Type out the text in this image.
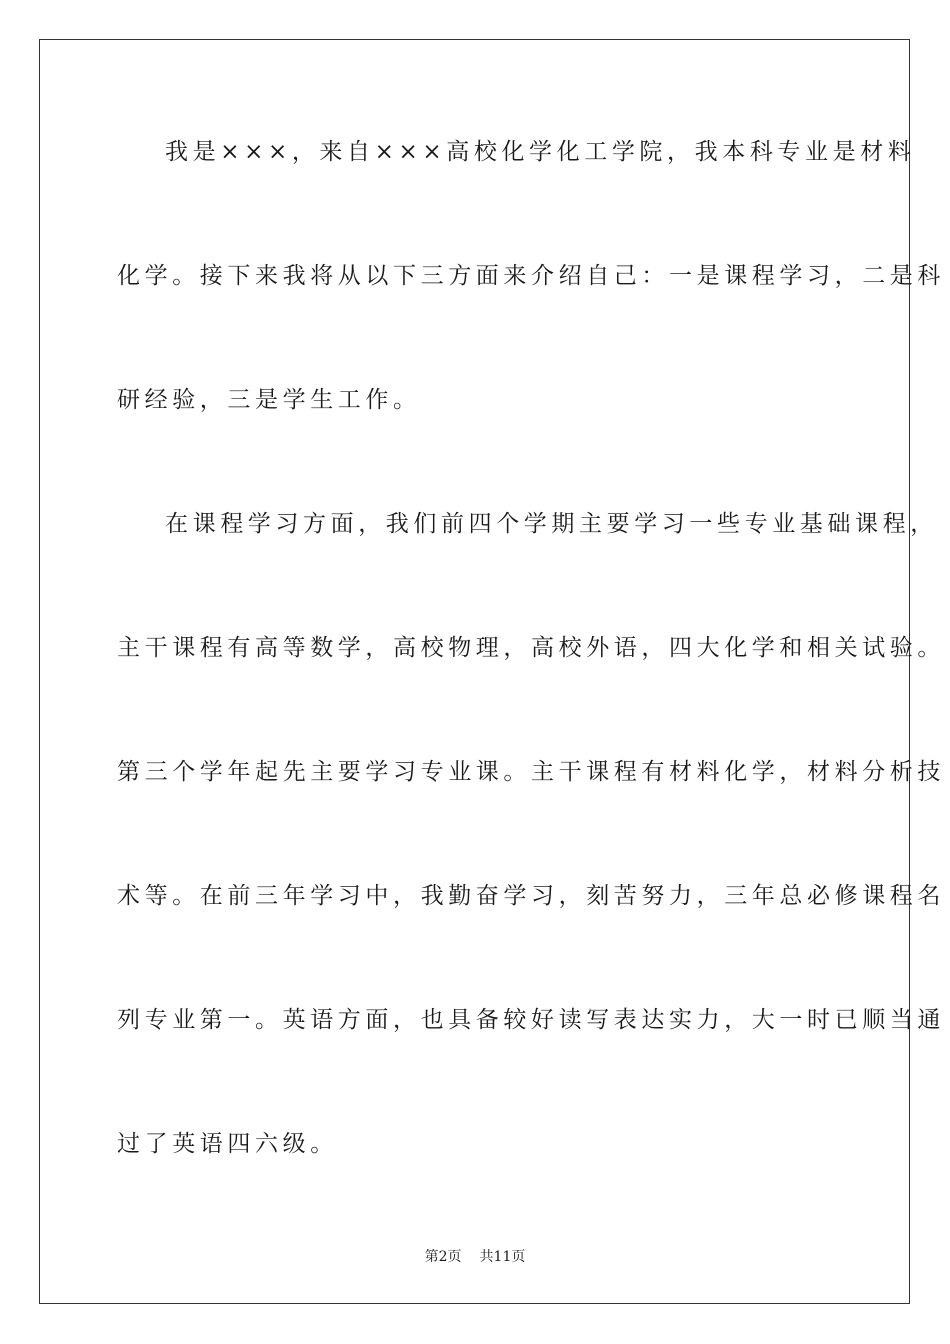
我是×××，来自×××高校化学化工学院，我本科专业是材料
化学。接下来我将从以下三方面来介绍自己：一是课程学习，二是科
研经验，三是学生工作。
在课程学习方面，我们前四个学期主要学习一些专业基础课程，
主干课程有高等数学，高校物理，高校外语，四大化学和相关试验。
第三个学年起先主要学习专业课。主干课程有材料化学，材料分析技
术等。在前三年学习中，我勤奋学习，刻苦努力，三年总必修课程名
列专业第一。英语方面，也具备较好读写表达实力，大一时已顺当通
过了英语四六级。
第2页 共11页
